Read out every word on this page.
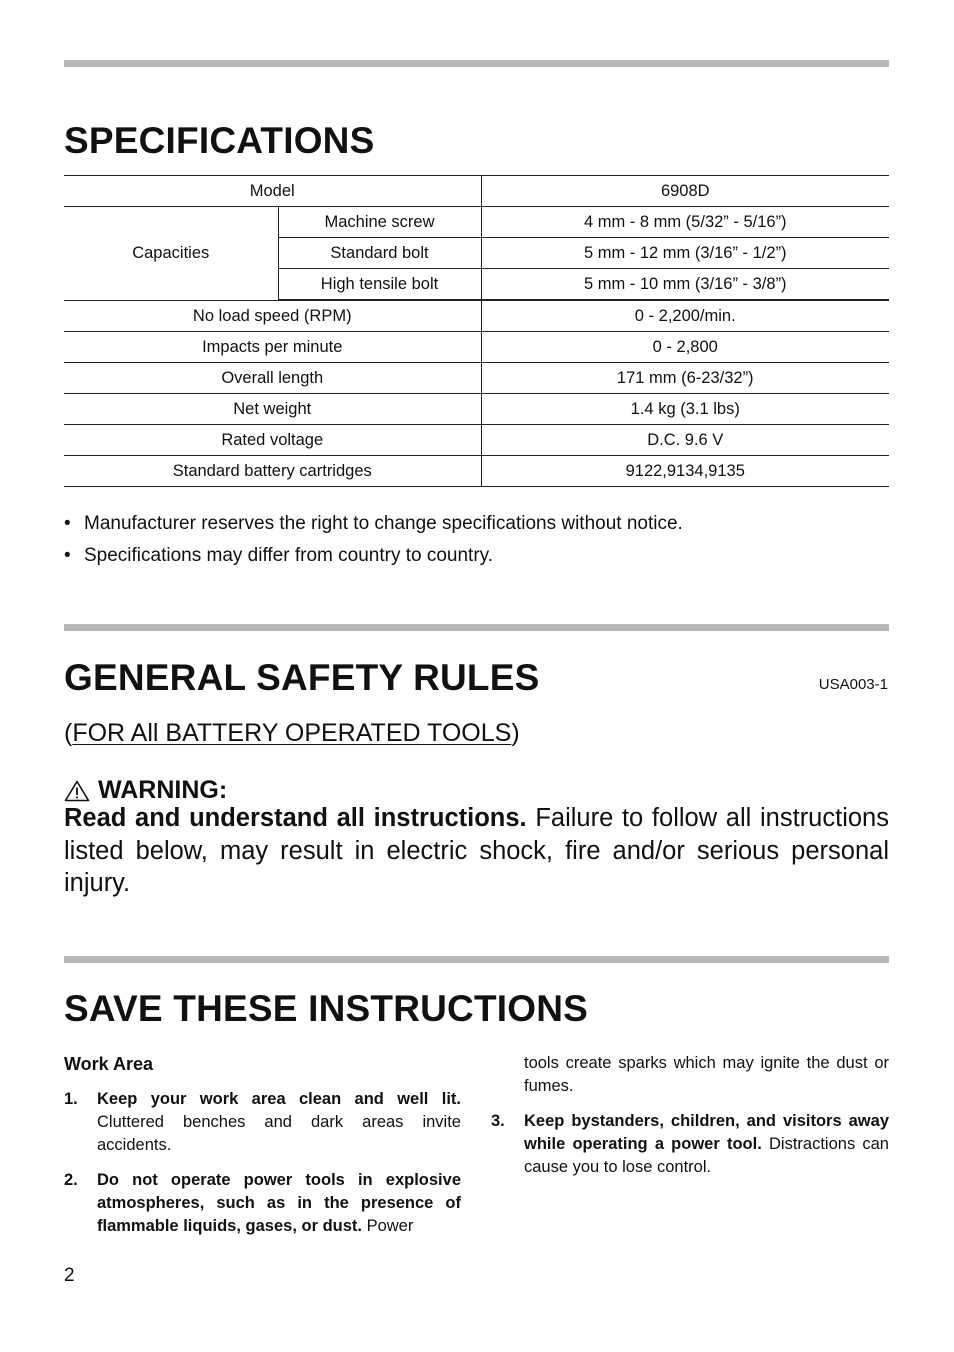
SPECIFICATIONS
Model		6908D
Capacities	Machine screw	4 mm - 8 mm (5/32” - 5/16”)
	Standard bolt	5 mm - 12 mm (3/16” - 1/2”)
	High tensile bolt	5 mm - 10 mm (3/16” - 3/8”)
No load speed (RPM)		0 - 2,200/min.
Impacts per minute		0 - 2,800
Overall length		171 mm (6-23/32”)
Net weight		1.4 kg (3.1 lbs)
Rated voltage		D.C. 9.6 V
Standard battery cartridges		9122,9134,9135
• Manufacturer reserves the right to change specifications without notice.
• Specifications may differ from country to country.
GENERAL SAFETY RULES	USA003-1
(FOR All BATTERY OPERATED TOOLS)
WARNING:

Read and understand all instructions. Failure to follow all instructions listed below, may result in electric shock, fire and/or serious personal injury.

SAVE THESE INSTRUCTIONS
Work Area
1.	Keep your work area clean and well lit. Cluttered benches and dark areas invite accidents.
2.	Do not operate power tools in explosive atmospheres, such as in the presence of flammable liquids, gases, or dust. Power
tools create sparks which may ignite the dust or fumes.
3.	Keep bystanders, children, and visitors away while operating a power tool. Distractions can cause you to lose control.
2
